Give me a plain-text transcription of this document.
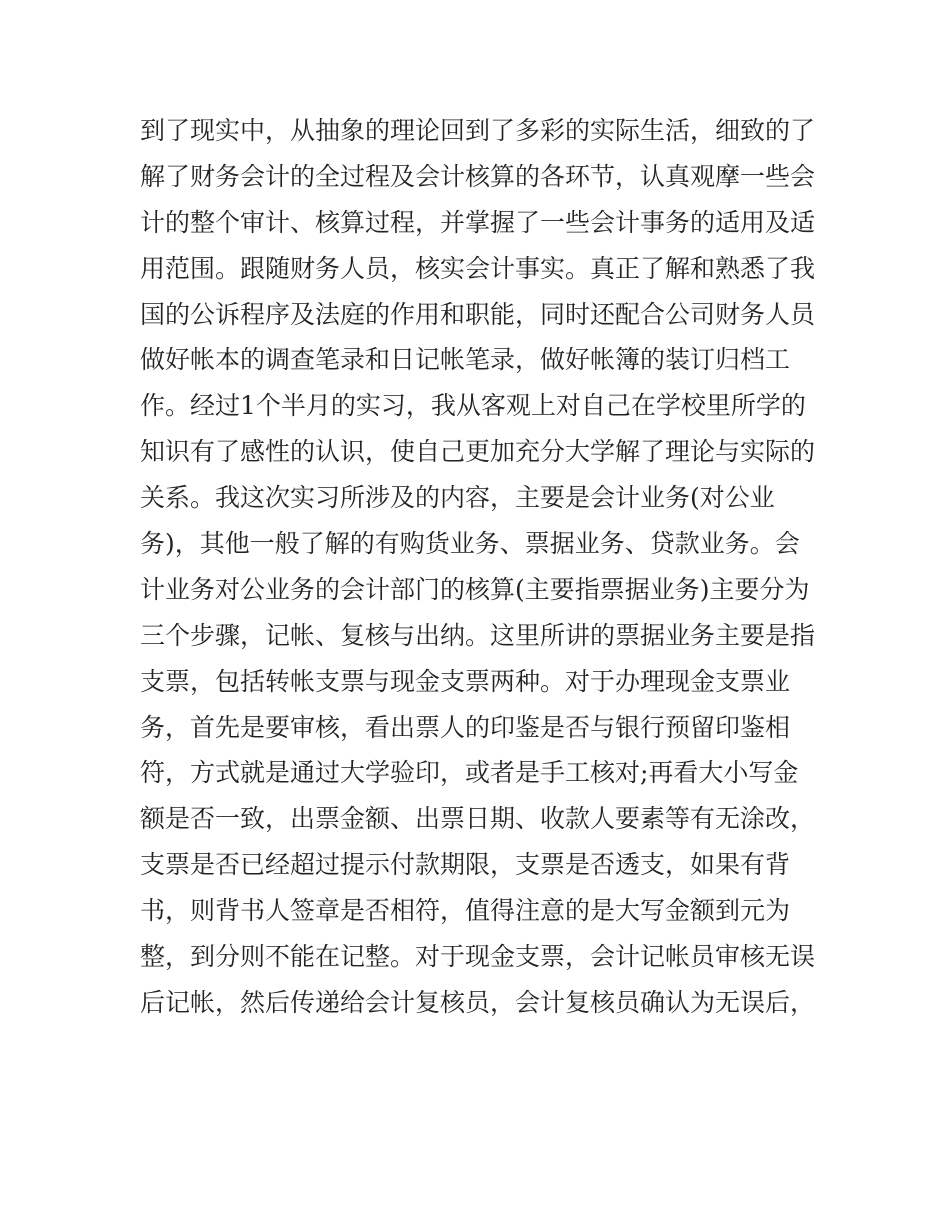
到了现实中，从抽象的理论回到了多彩的实际生活，细致的了
解了财务会计的全过程及会计核算的各环节，认真观摩一些会
计的整个审计、核算过程，并掌握了一些会计事务的适用及适
用范围。跟随财务人员，核实会计事实。真正了解和熟悉了我
国的公诉程序及法庭的作用和职能，同时还配合公司财务人员
做好帐本的调查笔录和日记帐笔录，做好帐簿的装订归档工
作。经过1个半月的实习，我从客观上对自己在学校里所学的
知识有了感性的认识，使自己更加充分大学解了理论与实际的
关系。我这次实习所涉及的内容，主要是会计业务(对公业
务)，其他一般了解的有购货业务、票据业务、贷款业务。会
计业务对公业务的会计部门的核算(主要指票据业务)主要分为
三个步骤，记帐、复核与出纳。这里所讲的票据业务主要是指
支票，包括转帐支票与现金支票两种。对于办理现金支票业
务，首先是要审核，看出票人的印鉴是否与银行预留印鉴相
符，方式就是通过大学验印，或者是手工核对;再看大小写金
额是否一致，出票金额、出票日期、收款人要素等有无涂改，
支票是否已经超过提示付款期限，支票是否透支，如果有背
书，则背书人签章是否相符，值得注意的是大写金额到元为
整，到分则不能在记整。对于现金支票，会计记帐员审核无误
后记帐，然后传递给会计复核员，会计复核员确认为无误后，
